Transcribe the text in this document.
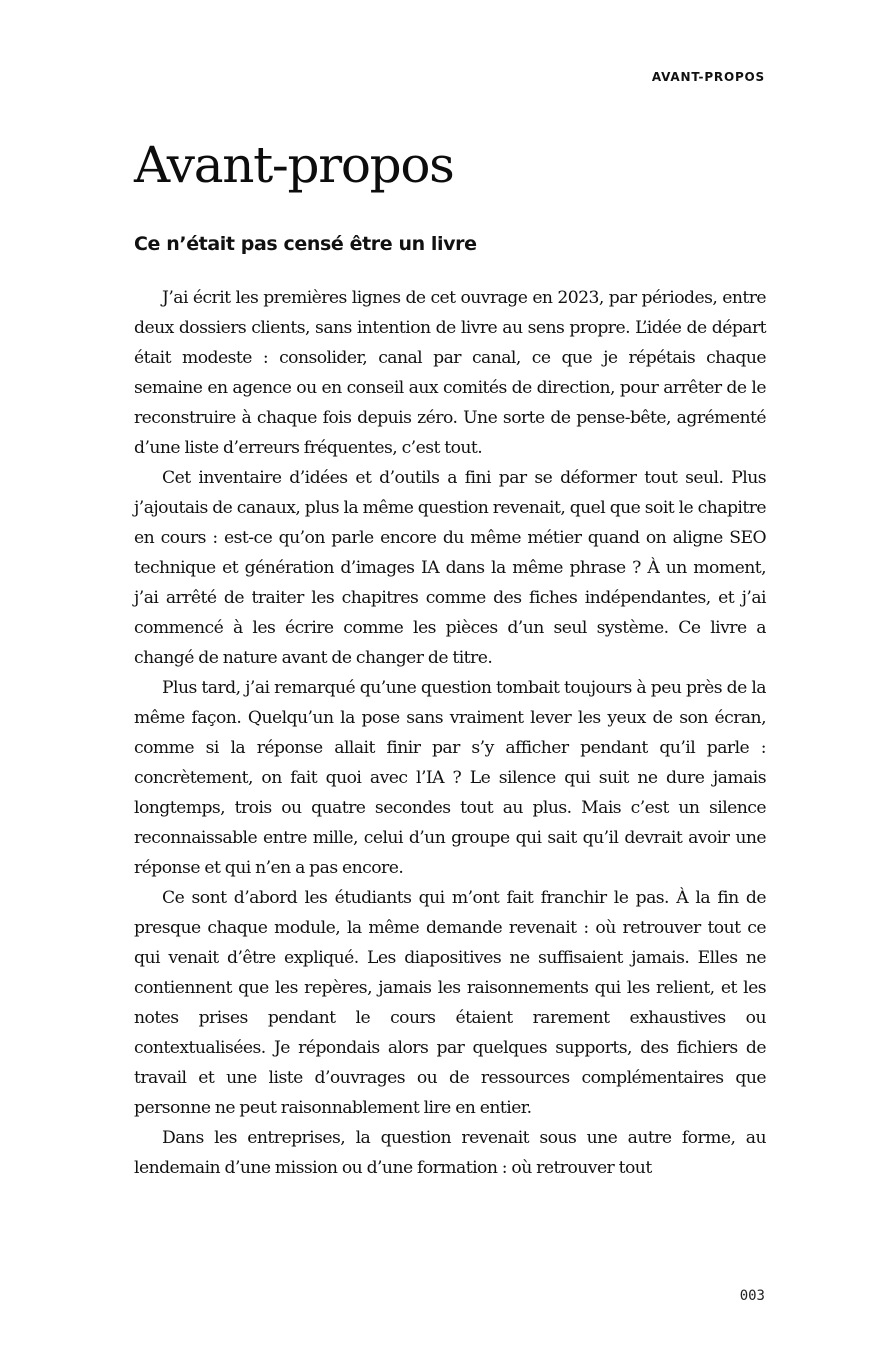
AVANT-PROPOS
Avant-propos
Ce n’était pas censé être un livre

J’ai écrit les premières lignes de cet ouvrage en 2023, par périodes, entre deux dossiers clients, sans intention de livre au sens propre. L’idée de départ était modeste : consolider, canal par canal, ce que je répétais chaque semaine en agence ou en conseil aux comités de direction, pour arrêter de le reconstruire à chaque fois depuis zéro. Une sorte de pense-bête, agrémenté d’une liste d’erreurs fréquentes, c’est tout.

Cet inventaire d’idées et d’outils a fini par se déformer tout seul. Plus j’ajoutais de canaux, plus la même question revenait, quel que soit le chapitre en cours : est-ce qu’on parle encore du même métier quand on aligne SEO technique et génération d’images IA dans la même phrase ? À un moment, j’ai arrêté de traiter les chapitres comme des fiches indépendantes, et j’ai commencé à les écrire comme les pièces d’un seul système. Ce livre a changé de nature avant de changer de titre.

Plus tard, j’ai remarqué qu’une question tombait toujours à peu près de la même façon. Quelqu’un la pose sans vraiment lever les yeux de son écran, comme si la réponse allait finir par s’y afficher pendant qu’il parle : concrètement, on fait quoi avec l’IA ? Le silence qui suit ne dure jamais longtemps, trois ou quatre secondes tout au plus. Mais c’est un silence reconnaissable entre mille, celui d’un groupe qui sait qu’il devrait avoir une réponse et qui n’en a pas encore.

Ce sont d’abord les étudiants qui m’ont fait franchir le pas. À la fin de presque chaque module, la même demande revenait : où retrouver tout ce qui venait d’être expliqué. Les diapositives ne suffisaient jamais. Elles ne contiennent que les repères, jamais les raisonnements qui les relient, et les notes prises pendant le cours étaient rarement exhaustives ou contextualisées. Je répondais alors par quelques supports, des fichiers de travail et une liste d’ouvrages ou de ressources complémentaires que personne ne peut raisonnablement lire en entier.

Dans les entreprises, la question revenait sous une autre forme, au lendemain d’une mission ou d’une formation : où retrouver tout

003
